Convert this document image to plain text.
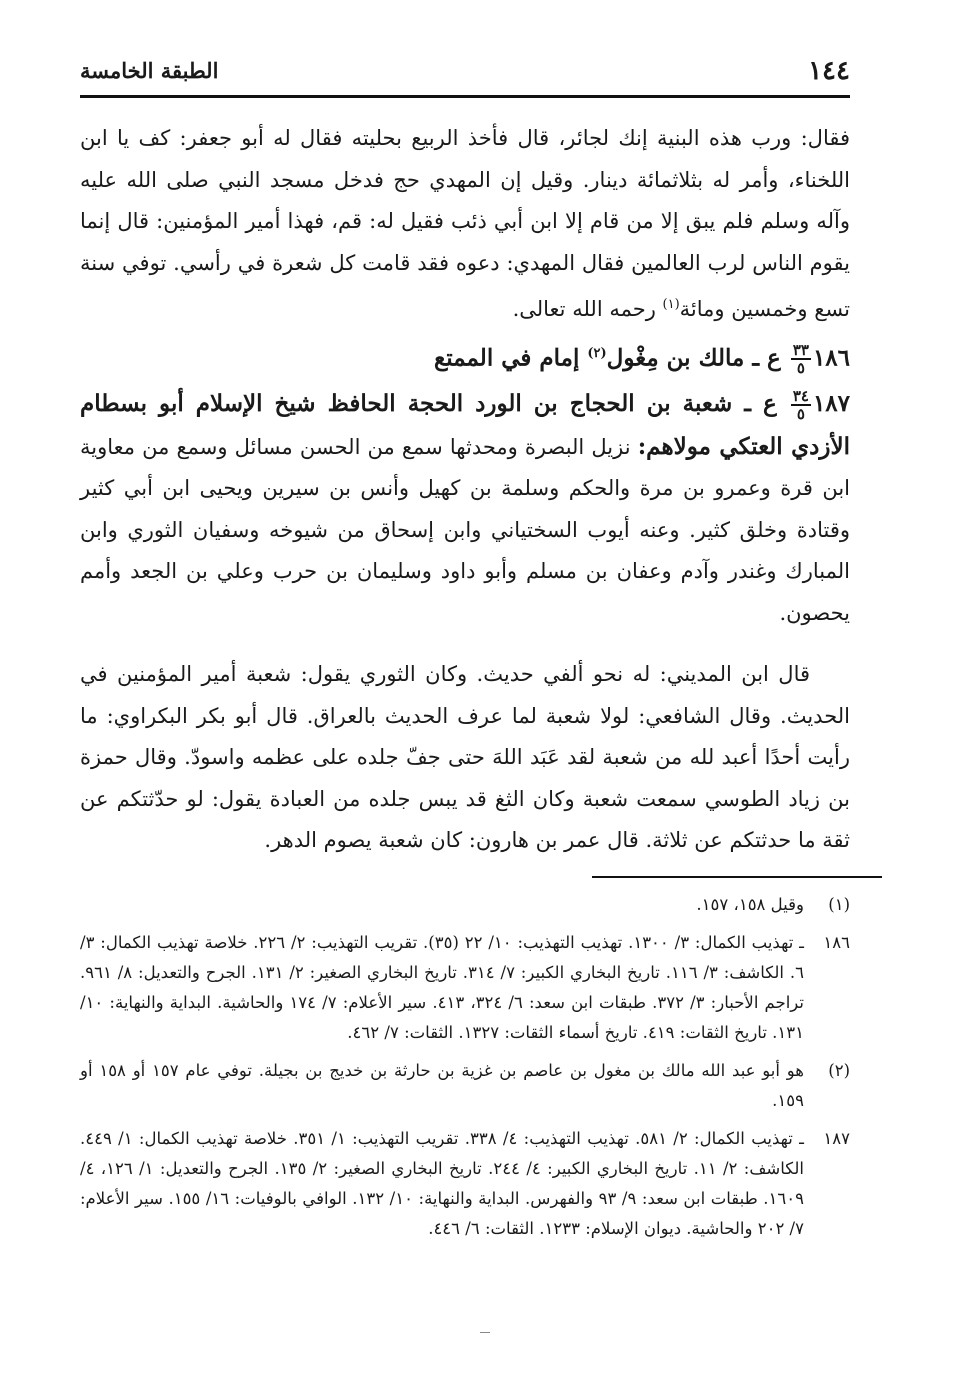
١٤٤
الطبقة الخامسة

فقال: ورب هذه البنية إنك لجائر، قال فأخذ الربيع بحليته فقال له أبو جعفر: كف يا ابن اللخناء، وأمر له بثلاثمائة دينار. وقيل إن المهدي حج فدخل مسجد النبي صلى الله عليه وآله وسلم فلم يبق إلا من قام إلا ابن أبي ذئب فقيل له: قم، فهذا أمير المؤمنين: قال إنما يقوم الناس لرب العالمين فقال المهدي: دعوه فقد قامت كل شعرة في رأسي. توفي سنة تسع وخمسين ومائة$^{(١)}$ رحمه الله تعالى.

١٨٦
$\frac{٣٣}{٥}$
ع ـ مالك بن مِغْول$^{(٢)}$ إمام في الممتع

١٨٧
$\frac{٣٤}{٥}$
ع ـ شعبة بن الحجاج بن الورد الحجة الحافظ شيخ الإسلام أبو بسطام الأزدي العتكي مولاهم: نزيل البصرة ومحدثها سمع من الحسن مسائل وسمع من معاوية ابن قرة وعمرو بن مرة والحكم وسلمة بن كهيل وأنس بن سيرين ويحيى ابن أبي كثير وقتادة وخلق كثير. وعنه أيوب السختياني وابن إسحاق من شيوخه وسفيان الثوري وابن المبارك وغندر وآدم وعفان بن مسلم وأبو داود وسليمان بن حرب وعلي بن الجعد وأمم يحصون.

قال ابن المديني: له نحو ألفي حديث. وكان الثوري يقول: شعبة أمير المؤمنين في الحديث. وقال الشافعي: لولا شعبة لما عرف الحديث بالعراق. قال أبو بكر البكراوي: ما رأيت أحدًا أعبد لله من شعبة لقد عَبَد اللهَ حتى جفّ جلده على عظمه واسودّ. وقال حمزة بن زياد الطوسي سمعت شعبة وكان الثغ قد يبس جلده من العبادة يقول: لو حدّثتكم عن ثقة ما حدثتكم عن ثلاثة. قال عمر بن هارون: كان شعبة يصوم الدهر.

(١)
وقيل ١٥٨، ١٥٧.
١٨٦
ـ تهذيب الكمال: ٣/ ١٣٠٠. تهذيب التهذيب: ١٠/ ٢٢ (٣٥). تقريب التهذيب: ٢/ ٢٢٦. خلاصة تهذيب الكمال: ٣/ ٦. الكاشف: ٣/ ١١٦. تاريخ البخاري الكبير: ٧/ ٣١٤. تاريخ البخاري الصغير: ٢/ ١٣١. الجرح والتعديل: ٨/ ٩٦١. تراجم الأحبار: ٣/ ٣٧٢. طبقات ابن سعد: ٦/ ٣٢٤، ٤١٣. سير الأعلام: ٧/ ١٧٤ والحاشية. البداية والنهاية: ١٠/ ١٣١. تاريخ الثقات: ٤١٩. تاريخ أسماء الثقات: ١٣٢٧. الثقات: ٧/ ٤٦٢.
(٢)
هو أبو عبد الله مالك بن مغول بن عاصم بن غزية بن حارثة بن خديج بن بجيلة. توفي عام ١٥٧ أو ١٥٨ أو ١٥٩.
١٨٧
ـ تهذيب الكمال: ٢/ ٥٨١. تهذيب التهذيب: ٤/ ٣٣٨. تقريب التهذيب: ١/ ٣٥١. خلاصة تهذيب الكمال: ١/ ٤٤٩. الكاشف: ٢/ ١١. تاريخ البخاري الكبير: ٤/ ٢٤٤. تاريخ البخاري الصغير: ٢/ ١٣٥. الجرح والتعديل: ١/ ١٢٦، ٤/ ١٦٠٩. طبقات ابن سعد: ٩/ ٩٣ والفهرس. البداية والنهاية: ١٠/ ١٣٢. الوافي بالوفيات: ١٦/ ١٥٥. سير الأعلام: ٧/ ٢٠٢ والحاشية. ديوان الإسلام: ١٢٣٣. الثقات: ٦/ ٤٤٦.
